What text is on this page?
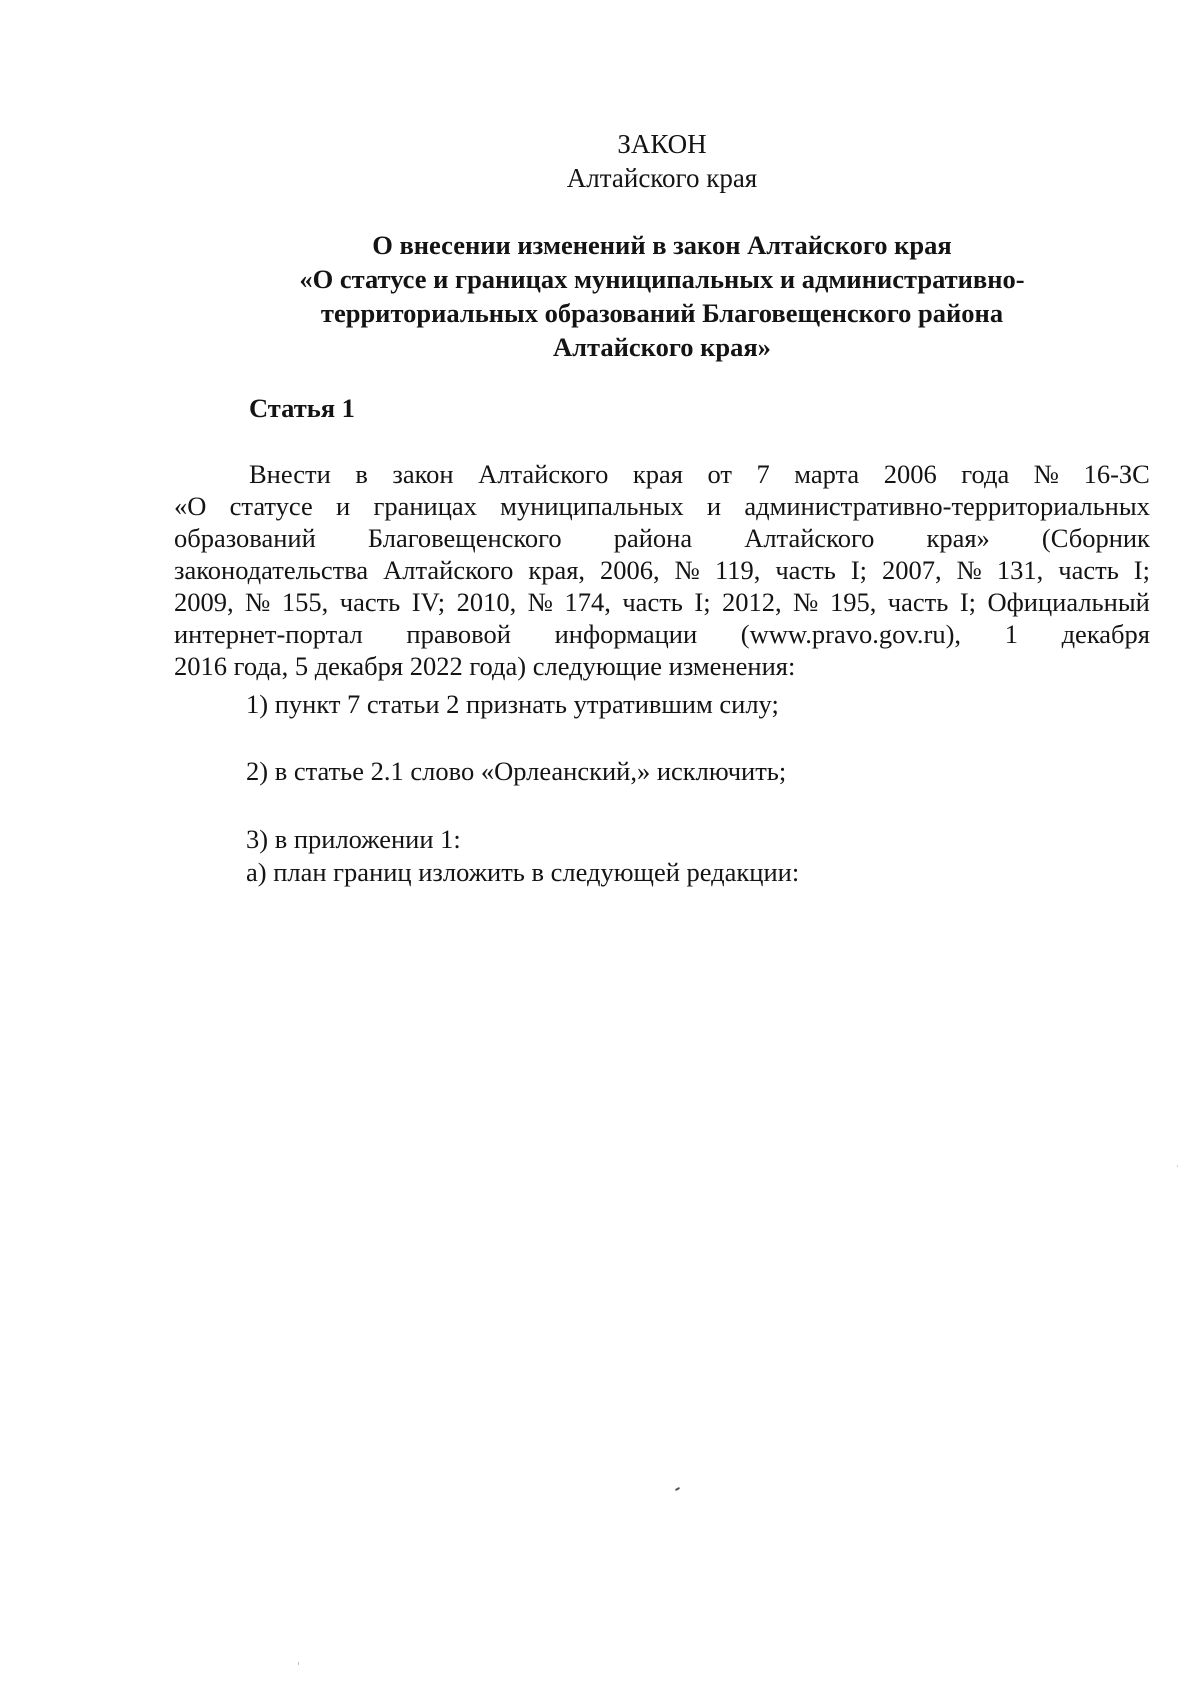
ЗАКОН
Алтайского края
О внесении изменений в закон Алтайского края
«О статусе и границах муниципальных и административно-
территориальных образований Благовещенского района
Алтайского края»
Статья 1
Внести в закон Алтайского края от 7 марта 2006 года № 16-ЗС
«О статусе и границах муниципальных и административно-территориальных
образований Благовещенского района Алтайского края» (Сборник
законодательства Алтайского края, 2006, № 119, часть I; 2007, № 131, часть I;
2009, № 155, часть IV; 2010, № 174, часть I; 2012, № 195, часть I; Официальный
интернет-портал правовой информации (www.pravo.gov.ru), 1 декабря
2016 года, 5 декабря 2022 года) следующие изменения:
1) пункт 7 статьи 2 признать утратившим силу;
2) в статье 2.1 слово «Орлеанский,» исключить;
3) в приложении 1:
а) план границ изложить в следующей редакции:
